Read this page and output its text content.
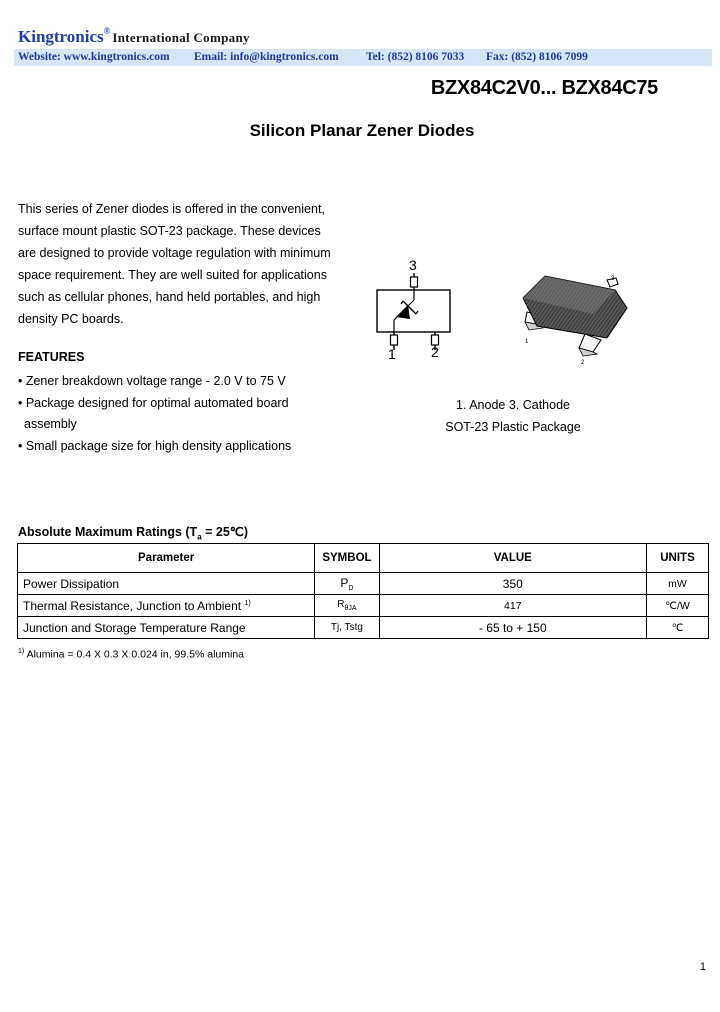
Kingtronics® International Company
Website: www.kingtronics.com Email: info@kingtronics.com Tel: (852) 8106 7033 Fax: (852) 8106 7099
BZX84C2V0... BZX84C75
Silicon Planar Zener Diodes
This series of Zener diodes is offered in the convenient,
surface mount plastic SOT-23 package. These devices
are designed to provide voltage regulation with minimum
space requirement. They are well suited for applications
such as cellular phones, hand held portables, and high
density PC boards.
FEATURES
• Zener breakdown voltage range - 2.0 V to 75 V
• Package designed for optimal automated board
assembly
• Small package size for high density applications
3
1	2
3
1
2
1. Anode 3. Cathode
SOT-23 Plastic Package
Absolute Maximum Ratings ($T_a$ = 25℃)
Parameter	SYMBOL	VALUE	UNITS
Power Dissipation	$P_D$	350	mW
Thermal Resistance, Junction to Ambient $^{1)}$	$R_{\theta JA}$	417	℃/W
Junction and Storage Temperature Range	Tj, Tstg	- 65 to + 150	℃
$^{1)}$ Alumina = 0.4 X 0.3 X 0.024 in, 99.5% alumina
1
